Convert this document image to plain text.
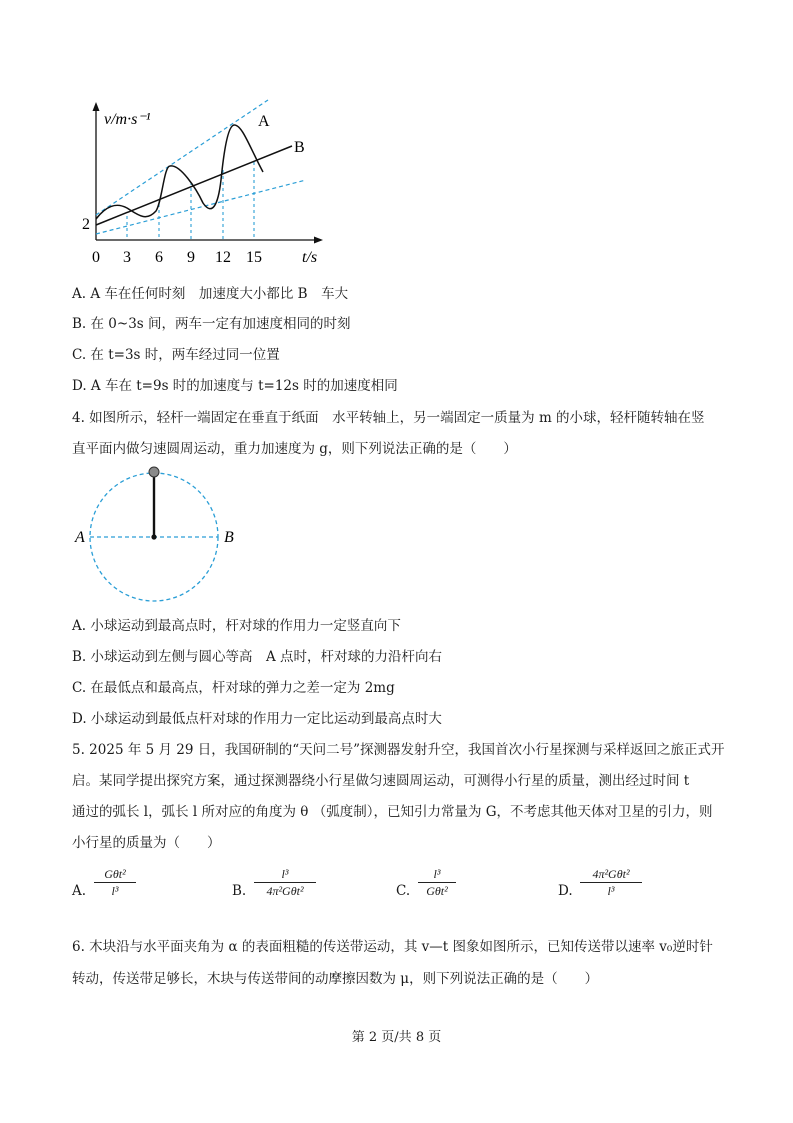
A
B
v/m·s⁻¹
2
0 3 6 9 12 15	t/s
A. A 车在任何时刻　加速度大小都比 B　车大
B. 在 0~3s 间，两车一定有加速度相同的时刻
C. 在 t=3s 时，两车经过同一位置
D. A 车在 t=9s 时的加速度与 t=12s 时的加速度相同
4. 如图所示，轻杆一端固定在垂直于纸面　水平转轴上，另一端固定一质量为 m 的小球，轻杆随转轴在竖
直平面内做匀速圆周运动，重力加速度为 g，则下列说法正确的是（　　）
A	B
A. 小球运动到最高点时，杆对球的作用力一定竖直向下
B. 小球运动到左侧与圆心等高　A 点时，杆对球的力沿杆向右
C. 在最低点和最高点，杆对球的弹力之差一定为 2mg
D. 小球运动到最低点杆对球的作用力一定比运动到最高点时大
5. 2025 年 5 月 29 日，我国研制的“天问二号”探测器发射升空，我国首次小行星探测与采样返回之旅正式开
启。某同学提出探究方案，通过探测器绕小行星做匀速圆周运动，可测得小行星的质量，测出经过时间 t
通过的弧长 l，弧长 l 所对应的角度为 θ （弧度制），已知引力常量为 G，不考虑其他天体对卫星的引力，则
小行星的质量为（　　）
A.
Gθt²
l³	B.
l³
4π²Gθt²	C.
l³
Gθt²	D.
4π²Gθt²
l³
6. 木块沿与水平面夹角为 α 的表面粗糙的传送带运动，其 v—t 图象如图所示，已知传送带以速率 v₀逆时针
转动，传送带足够长，木块与传送带间的动摩擦因数为 μ，则下列说法正确的是（　　）
第 2 页/共 8 页
